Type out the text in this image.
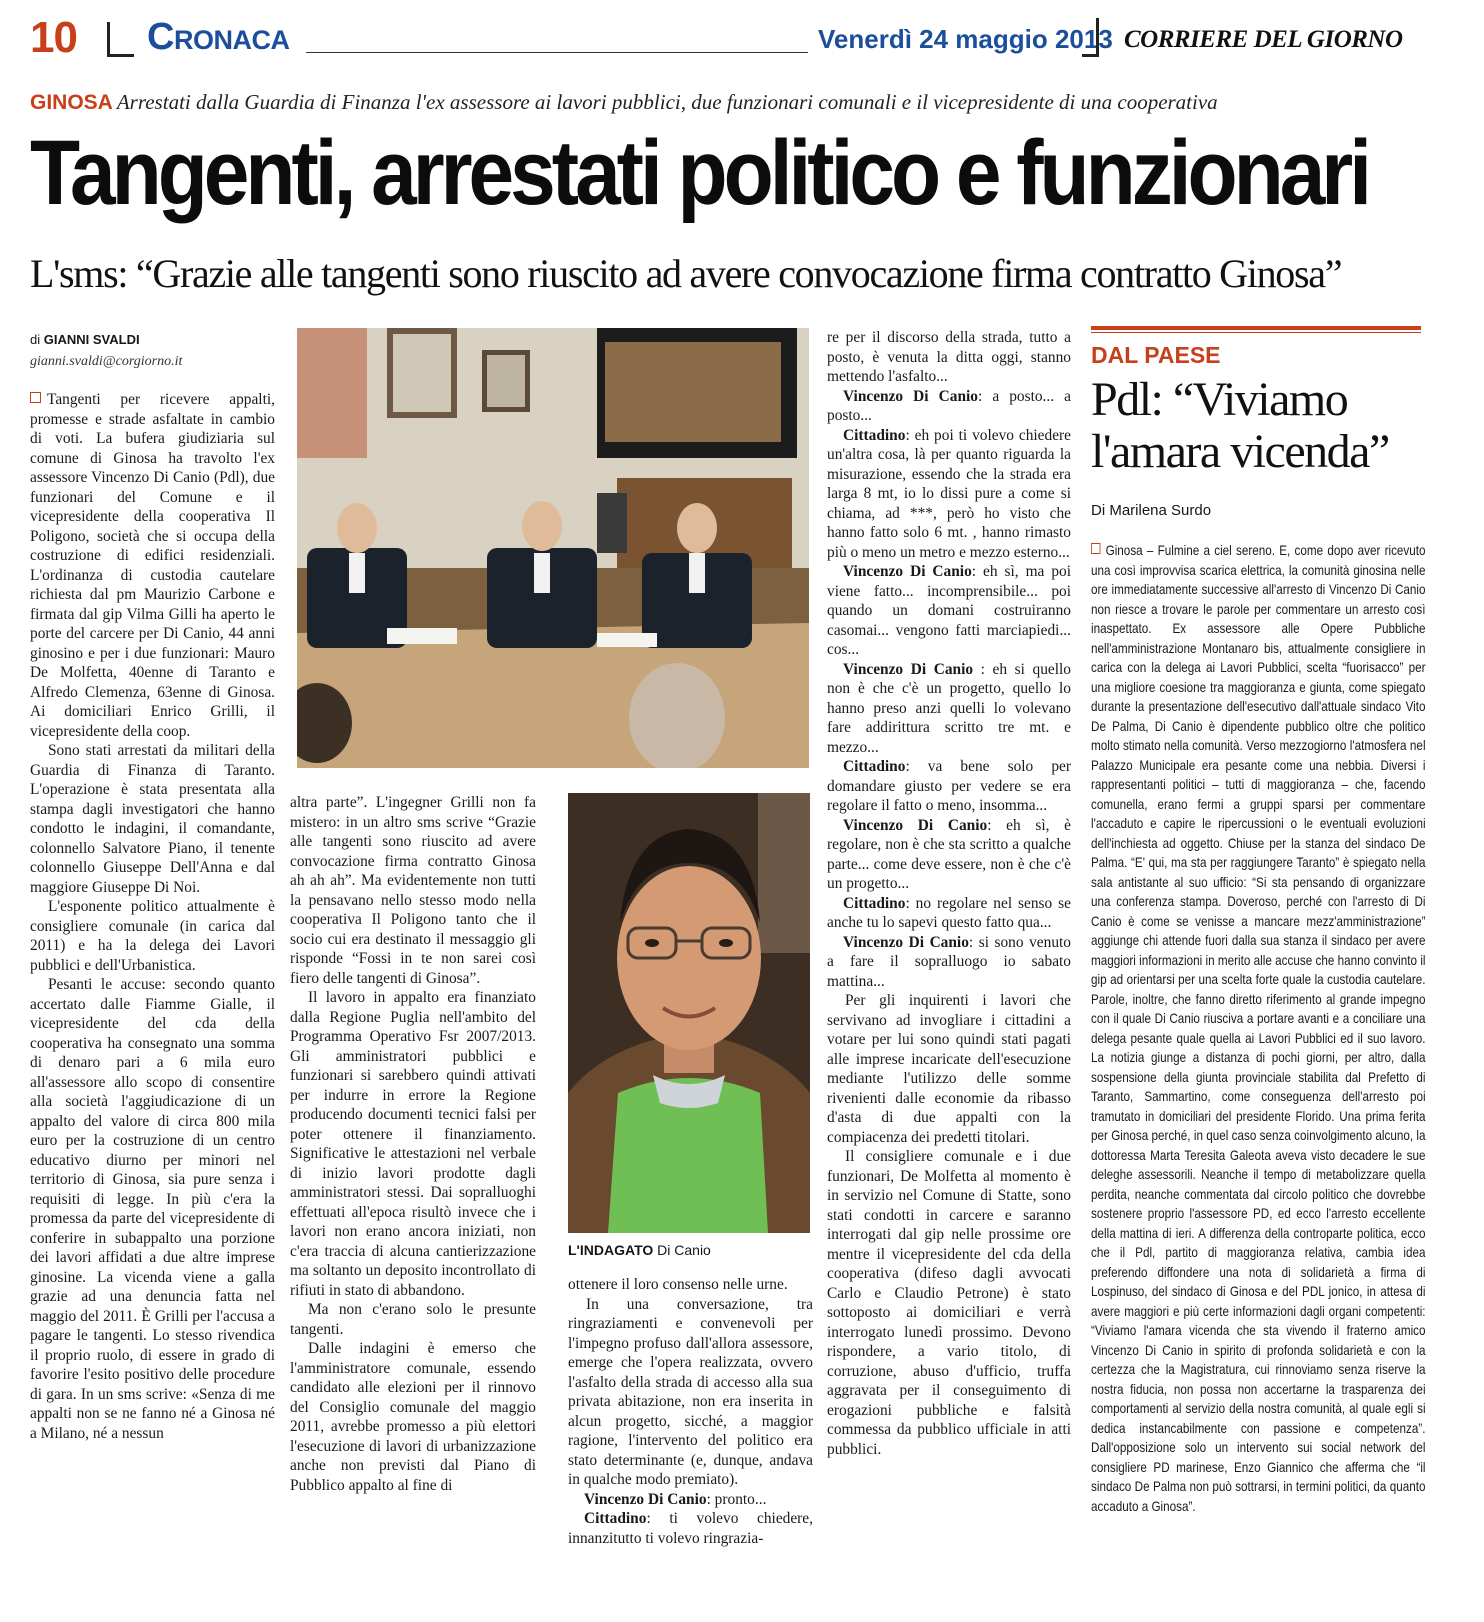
10 Cronaca	Venerdì 24 maggio 2013 CORRIERE DEL GIORNO
GINOSA Arrestati dalla Guardia di Finanza l'ex assessore ai lavori pubblici, due funzionari comunali e il vicepresidente di una cooperativa
Tangenti, arrestati politico e funzionari
L'sms: “Grazie alle tangenti sono riuscito ad avere convocazione firma contratto Ginosa”
di GIANNI SVALDI
gianni.svaldi@corgiorno.it

Tangenti per ricevere appalti, promesse e strade asfaltate in cambio di voti. La bufera giudiziaria sul comune di Ginosa ha travolto l'ex assessore Vincenzo Di Canio (Pdl), due funzionari del Comune e il vicepresidente della cooperativa Il Poligono, società che si occupa della costruzione di edifici residenziali. L'ordinanza di custodia cautelare richiesta dal pm Maurizio Carbone e firmata dal gip Vilma Gilli ha aperto le porte del carcere per Di Canio, 44 anni ginosino e per i due funzionari: Mauro De Molfetta, 40enne di Taranto e Alfredo Clemenza, 63enne di Ginosa. Ai domiciliari Enrico Grilli, il vicepresidente della coop.

Sono stati arrestati da militari della Guardia di Finanza di Taranto. L'operazione è stata presentata alla stampa dagli investigatori che hanno condotto le indagini, il comandante, colonnello Salvatore Piano, il tenente colonnello Giuseppe Dell'Anna e dal maggiore Giuseppe Di Noi.

L'esponente politico attualmente è consigliere comunale (in carica dal 2011) e ha la delega dei Lavori pubblici e dell'Urbanistica.

Pesanti le accuse: secondo quanto accertato dalle Fiamme Gialle, il vicepresidente del cda della cooperativa ha consegnato una somma di denaro pari a 6 mila euro all'assessore allo scopo di consentire alla società l'aggiudicazione di un appalto del valore di circa 800 mila euro per la costruzione di un centro educativo diurno per minori nel territorio di Ginosa, sia pure senza i requisiti di legge. In più c'era la promessa da parte del vicepresidente di conferire in subappalto una porzione dei lavori affidati a due altre imprese ginosine. La vicenda viene a galla grazie ad una denuncia fatta nel maggio del 2011. È Grilli per l'accusa a pagare le tangenti. Lo stesso rivendica il proprio ruolo, di essere in grado di favorire l'esito positivo delle procedure di gara. In un sms scrive: «Senza di me appalti non se ne fanno né a Ginosa né a Milano, né a nessun

altra parte”. L'ingegner Grilli non fa mistero: in un altro sms scrive “Grazie alle tangenti sono riuscito ad avere convocazione firma contratto Ginosa ah ah ah”. Ma evidentemente non tutti la pensavano nello stesso modo nella cooperativa Il Poligono tanto che il socio cui era destinato il messaggio gli risponde “Fossi in te non sarei così fiero delle tangenti di Ginosa”.

Il lavoro in appalto era finanziato dalla Regione Puglia nell'ambito del Programma Operativo Fsr 2007/2013. Gli amministratori pubblici e funzionari si sarebbero quindi attivati per indurre in errore la Regione producendo documenti tecnici falsi per poter ottenere il finanziamento. Significative le attestazioni nel verbale di inizio lavori prodotte dagli amministratori stessi. Dai sopralluoghi effettuati all'epoca risultò invece che i lavori non erano ancora iniziati, non c'era traccia di alcuna cantierizzazione ma soltanto un deposito incontrollato di rifiuti in stato di abbandono.

Ma non c'erano solo le presunte tangenti.

Dalle indagini è emerso che l'amministratore comunale, essendo candidato alle elezioni per il rinnovo del Consiglio comunale del maggio 2011, avrebbe promesso a più elettori l'esecuzione di lavori di urbanizzazione anche non previsti dal Piano di Pubblico appalto al fine di

L'INDAGATO Di Canio

ottenere il loro consenso nelle urne.

In una conversazione, tra ringraziamenti e convenevoli per l'impegno profuso dall'allora assessore, emerge che l'opera realizzata, ovvero l'asfalto della strada di accesso alla sua privata abitazione, non era inserita in alcun progetto, sicché, a maggior ragione, l'intervento del politico era stato determinante (e, dunque, andava in qualche modo premiato).

Vincenzo Di Canio: pronto...

Cittadino: ti volevo chiedere, innanzitutto ti volevo ringrazia-

re per il discorso della strada, tutto a posto, è venuta la ditta oggi, stanno mettendo l'asfalto...

Vincenzo Di Canio: a posto... a posto...

Cittadino: eh poi ti volevo chiedere un'altra cosa, là per quanto riguarda la misurazione, essendo che la strada era larga 8 mt, io lo dissi pure a come si chiama, ad ***, però ho visto che hanno fatto solo 6 mt. , hanno rimasto più o meno un metro e mezzo esterno...

Vincenzo Di Canio: eh sì, ma poi viene fatto... incomprensibile... poi quando un domani costruiranno casomai... vengono fatti marciapiedi... cos...

Vincenzo Di Canio : eh si quello non è che c'è un progetto, quello lo hanno preso anzi quelli lo volevano fare addirittura scritto tre mt. e mezzo...

Cittadino: va bene solo per domandare giusto per vedere se era regolare il fatto o meno, insomma...

Vincenzo Di Canio: eh sì, è regolare, non è che sta scritto a qualche parte... come deve essere, non è che c'è un progetto...

Cittadino: no regolare nel senso se anche tu lo sapevi questo fatto qua...

Vincenzo Di Canio: si sono venuto a fare il sopralluogo io sabato mattina...

Per gli inquirenti i lavori che servivano ad invogliare i cittadini a votare per lui sono quindi stati pagati alle imprese incaricate dell'esecuzione mediante l'utilizzo delle somme rivenienti dalle economie da ribasso d'asta di due appalti con la compiacenza dei predetti titolari.

Il consigliere comunale e i due funzionari, De Molfetta al momento è in servizio nel Comune di Statte, sono stati condotti in carcere e saranno interrogati dal gip nelle prossime ore mentre il vicepresidente del cda della cooperativa (difeso dagli avvocati Carlo e Claudio Petrone) è stato sottoposto ai domiciliari e verrà interrogato lunedì prossimo. Devono rispondere, a vario titolo, di corruzione, abuso d'ufficio, truffa aggravata per il conseguimento di erogazioni pubbliche e falsità commessa da pubblico ufficiale in atti pubblici.

DAL PAESE
Pdl: “Viviamo
l'amara vicenda”
Di Marilena Surdo
Ginosa – Fulmine a ciel sereno. E, come dopo aver ricevuto una così improvvisa scarica elettrica, la comunità ginosina nelle ore immediatamente successive all'arresto di Vincenzo Di Canio non riesce a trovare le parole per commentare un arresto così inaspettato. Ex assessore alle Opere Pubbliche nell'amministrazione Montanaro bis, attualmente consigliere in carica con la delega ai Lavori Pubblici, scelta “fuorisacco” per una migliore coesione tra maggioranza e giunta, come spiegato durante la presentazione dell'esecutivo dall'attuale sindaco Vito De Palma, Di Canio è dipendente pubblico oltre che politico molto stimato nella comunità. Verso mezzogiorno l'atmosfera nel Palazzo Municipale era pesante come una nebbia. Diversi i rappresentanti politici – tutti di maggioranza – che, facendo comunella, erano fermi a gruppi sparsi per commentare l'accaduto e capire le ripercussioni o le eventuali evoluzioni dell'inchiesta ad oggetto. Chiuse per la stanza del sindaco De Palma. “E' qui, ma sta per raggiungere Taranto” è spiegato nella sala antistante al suo ufficio: “Si sta pensando di organizzare una conferenza stampa. Doveroso, perché con l'arresto di Di Canio è come se venisse a mancare mezz'amministrazione” aggiunge chi attende fuori dalla sua stanza il sindaco per avere maggiori informazioni in merito alle accuse che hanno convinto il gip ad orientarsi per una scelta forte quale la custodia cautelare. Parole, inoltre, che fanno diretto riferimento al grande impegno con il quale Di Canio riusciva a portare avanti e a conciliare una delega pesante quale quella ai Lavori Pubblici ed il suo lavoro. La notizia giunge a distanza di pochi giorni, per altro, dalla sospensione della giunta provinciale stabilita dal Prefetto di Taranto, Sammartino, come conseguenza dell'arresto poi tramutato in domiciliari del presidente Florido. Una prima ferita per Ginosa perché, in quel caso senza coinvolgimento alcuno, la dottoressa Marta Teresita Galeota aveva visto decadere le sue deleghe assessorili. Neanche il tempo di metabolizzare quella perdita, neanche commentata dal circolo politico che dovrebbe sostenere proprio l'assessore PD, ed ecco l'arresto eccellente della mattina di ieri. A differenza della controparte politica, ecco che il Pdl, partito di maggioranza relativa, cambia idea preferendo diffondere una nota di solidarietà a firma di Lospinuso, del sindaco di Ginosa e del PDL jonico, in attesa di avere maggiori e più certe informazioni dagli organi competenti: “Viviamo l'amara vicenda che sta vivendo il fraterno amico Vincenzo Di Canio in spirito di profonda solidarietà e con la certezza che la Magistratura, cui rinnoviamo senza riserve la nostra fiducia, non possa non accertarne la trasparenza dei comportamenti al servizio della nostra comunità, al quale egli si dedica instancabilmente con passione e competenza”. Dall'opposizione solo un intervento sui social network del consigliere PD marinese, Enzo Giannico che afferma che “il sindaco De Palma non può sottrarsi, in termini politici, da quanto accaduto a Ginosa”.
